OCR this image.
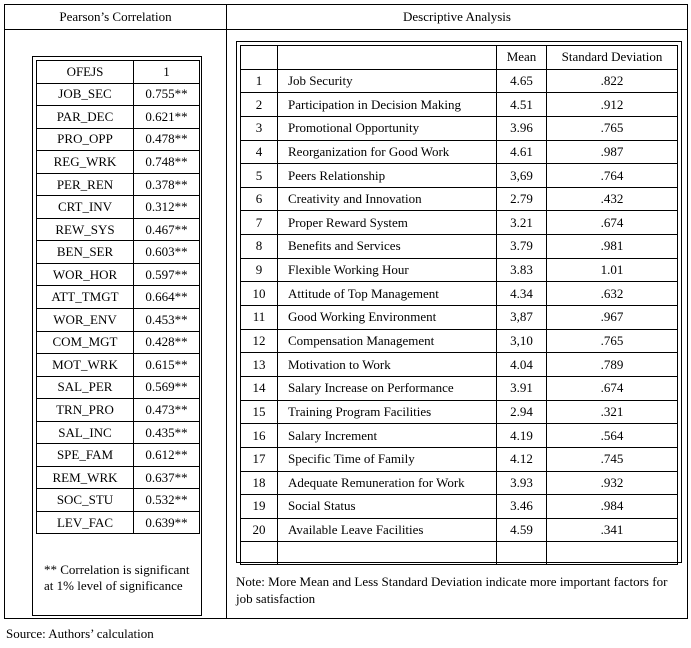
Pearson’s Correlation	Descriptive Analysis
OFEJS	1
JOB_SEC	0.755**
PAR_DEC	0.621**
PRO_OPP	0.478**
REG_WRK	0.748**
PER_REN	0.378**
CRT_INV	0.312**
REW_SYS	0.467**
BEN_SER	0.603**
WOR_HOR	0.597**
ATT_TMGT	0.664**
WOR_ENV	0.453**
COM_MGT	0.428**
MOT_WRK	0.615**
SAL_PER	0.569**
TRN_PRO	0.473**
SAL_INC	0.435**
SPE_FAM	0.612**
REM_WRK	0.637**
SOC_STU	0.532**
LEV_FAC	0.639**
** Correlation is significant at 1% level of significance
		Mean	Standard Deviation
1	Job Security	4.65	.822
2	Participation in Decision Making	4.51	.912
3	Promotional Opportunity	3.96	.765
4	Reorganization for Good Work	4.61	.987
5	Peers Relationship	3,69	.764
6	Creativity and Innovation	2.79	.432
7	Proper Reward System	3.21	.674
8	Benefits and Services	3.79	.981
9	Flexible Working Hour	3.83	1.01
10	Attitude of Top Management	4.34	.632
11	Good Working Environment	3,87	.967
12	Compensation Management	3,10	.765
13	Motivation to Work	4.04	.789
14	Salary Increase on Performance	3.91	.674
15	Training Program Facilities	2.94	.321
16	Salary Increment	4.19	.564
17	Specific Time of Family	4.12	.745
18	Adequate Remuneration for Work	3.93	.932
19	Social Status	3.46	.984
20	Available Leave Facilities	4.59	.341

Note: More Mean and Less Standard Deviation indicate more important factors for job satisfaction
Source: Authors’ calculation
